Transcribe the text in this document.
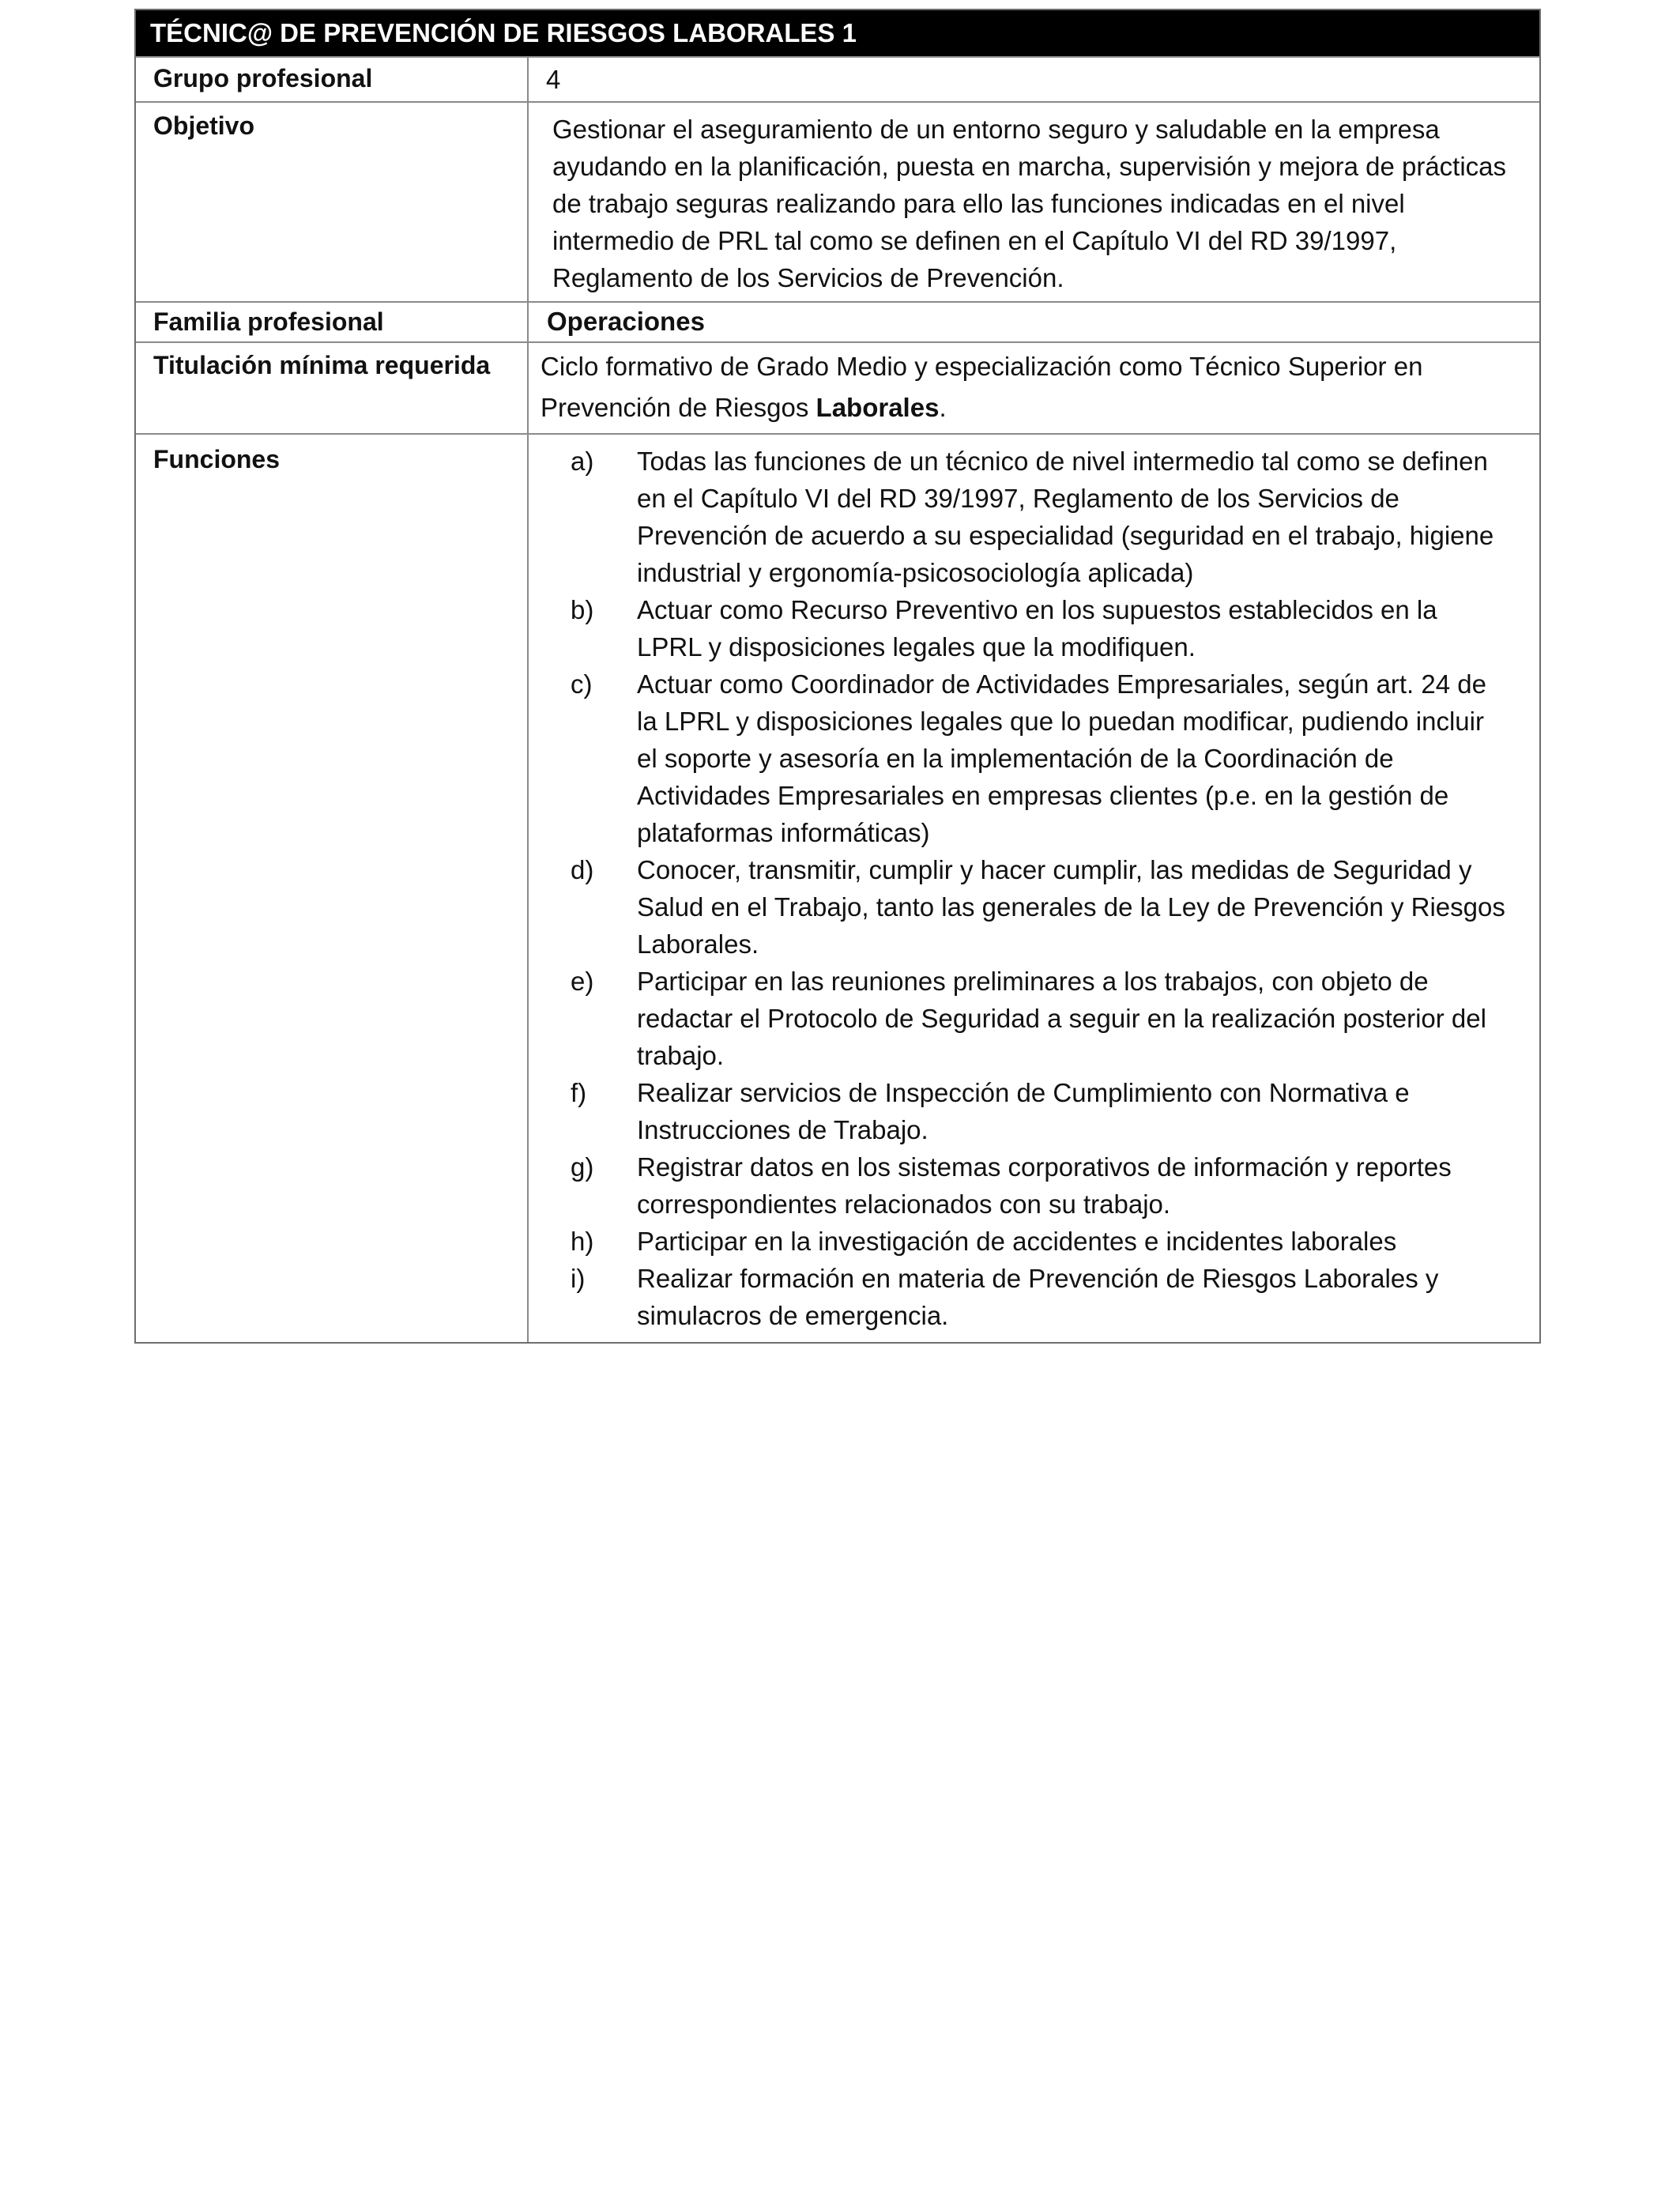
TÉCNIC@ DE PREVENCIÓN DE RIESGOS LABORALES 1
Grupo profesional	4
Objetivo	Gestionar el aseguramiento de un entorno seguro y saludable en la empresa ayudando en la planificación, puesta en marcha, supervisión y mejora de prácticas de trabajo seguras realizando para ello las funciones indicadas en el nivel intermedio de PRL tal como se definen en el Capítulo VI del RD 39/1997, Reglamento de los Servicios de Prevención.
Familia profesional	Operaciones
Titulación mínima requerida	Ciclo formativo de Grado Medio y especialización como Técnico Superior en Prevención de Riesgos Laborales.
Funciones	a)	Todas las funciones de un técnico de nivel intermedio tal como se definen en el Capítulo VI del RD 39/1997, Reglamento de los Servicios de Prevención de acuerdo a su especialidad (seguridad en el trabajo, higiene industrial y ergonomía-psicosociología aplicada)
b)	Actuar como Recurso Preventivo en los supuestos establecidos en la LPRL y disposiciones legales que la modifiquen.
c)	Actuar como Coordinador de Actividades Empresariales, según art. 24 de la LPRL y disposiciones legales que lo puedan modificar, pudiendo incluir el soporte y asesoría en la implementación de la Coordinación de Actividades Empresariales en empresas clientes (p.e. en la gestión de plataformas informáticas)
d)	Conocer, transmitir, cumplir y hacer cumplir, las medidas de Seguridad y Salud en el Trabajo, tanto las generales de la Ley de Prevención y Riesgos Laborales.
e)	Participar en las reuniones preliminares a los trabajos, con objeto de redactar el Protocolo de Seguridad a seguir en la realización posterior del trabajo.
f)	Realizar servicios de Inspección de Cumplimiento con Normativa e Instrucciones de Trabajo.
g)	Registrar datos en los sistemas corporativos de información y reportes correspondientes relacionados con su trabajo.
h)	Participar en la investigación de accidentes e incidentes laborales
i)	Realizar formación en materia de Prevención de Riesgos Laborales y simulacros de emergencia.
